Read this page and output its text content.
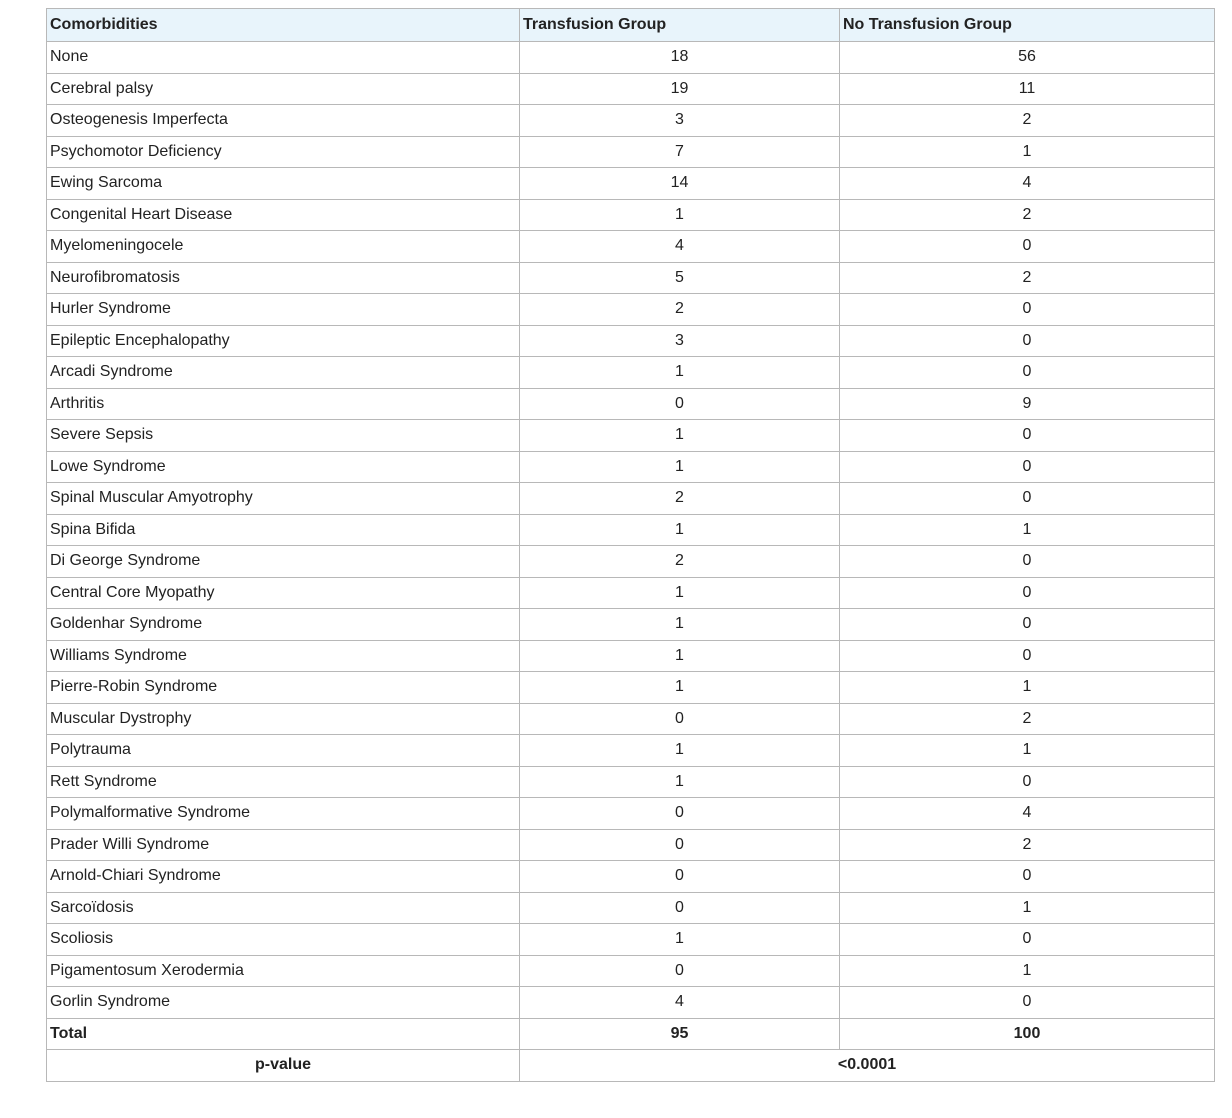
Comorbidities	Transfusion Group	No Transfusion Group
None	18	56
Cerebral palsy	19	11
Osteogenesis Imperfecta	3	2
Psychomotor Deficiency	7	1
Ewing Sarcoma	14	4
Congenital Heart Disease	1	2
Myelomeningocele	4	0
Neurofibromatosis	5	2
Hurler Syndrome	2	0
Epileptic Encephalopathy	3	0
Arcadi Syndrome	1	0
Arthritis	0	9
Severe Sepsis	1	0
Lowe Syndrome	1	0
Spinal Muscular Amyotrophy	2	0
Spina Bifida	1	1
Di George Syndrome	2	0
Central Core Myopathy	1	0
Goldenhar Syndrome	1	0
Williams Syndrome	1	0
Pierre-Robin Syndrome	1	1
Muscular Dystrophy	0	2
Polytrauma	1	1
Rett Syndrome	1	0
Polymalformative Syndrome	0	4
Prader Willi Syndrome	0	2
Arnold-Chiari Syndrome	0	0
Sarcoïdosis	0	1
Scoliosis	1	0
Pigamentosum Xerodermia	0	1
Gorlin Syndrome	4	0
Total	95	100
p-value	<0.0001	
